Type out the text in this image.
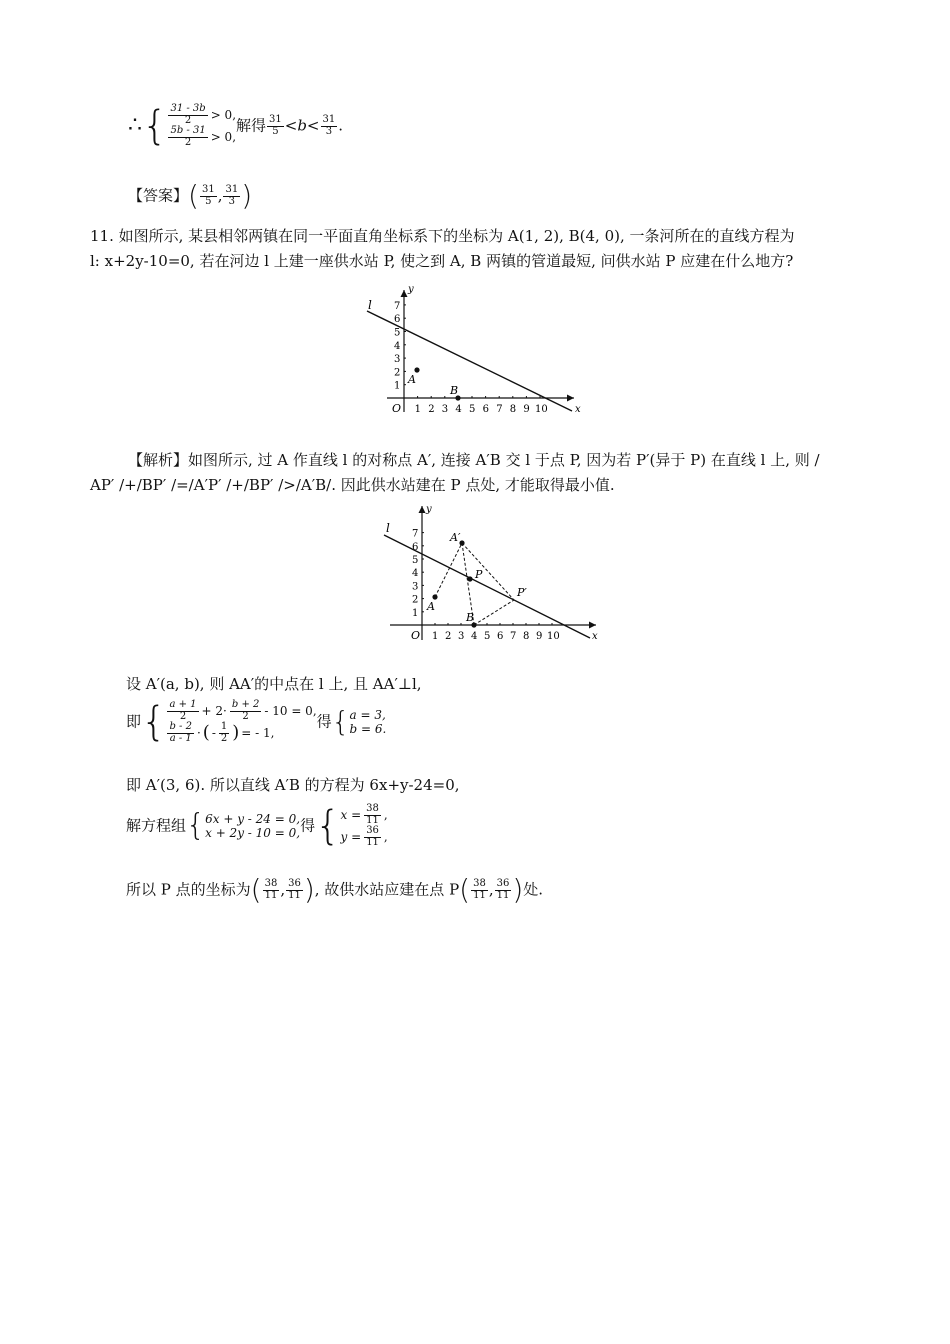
∴{ $\frac{31 - 3b}{2} > 0$,
$\frac{5b - 31}{2} > 0$,
解得 $\frac{31}{5} <b< \frac{31}{3}$ .
【答案】( $\frac{31}{5}$ , $\frac{31}{3}$ )
11. 如图所示, 某县相邻两镇在同一平面直角坐标系下的坐标为 A(1, 2), B(4, 0), 一条河所在的直线方程为
l: x+2y-10=0, 若在河边 l 上建一座供水站 P, 使之到 A, B 两镇的管道最短, 问供水站 P 应建在什么地方?
1 2 3 4 5 6 7 8 9 10
1
2
3
4
5
6
7
l
y
x
O
A
B
【解析】如图所示, 过 A 作直线 l 的对称点 A′, 连接 A′B 交 l 于点 P, 因为若 P′(异于 P) 在直线 l 上, 则 /
AP′ /+/BP′ /=/A′P′ /+/BP′ />/A′B/. 因此供水站建在 P 点处, 才能取得最小值.
1 2 3 4 5 6 7 8 9 10
1
2
3
4
5
6
7
l
y
x
O
A
B
A′
P
P′
设 A′(a, b), 则 AA′的中点在 l 上, 且 AA′⊥l,
即{ $\frac{a + 1}{2} + 2\cdot \frac{b + 2}{2} - 10 = 0$,
$\frac{b - 2}{a - 1}$ · ( - $\frac{1}{2}$ ) = - 1,
得{ a = 3,
b = 6.
即 A′(3, 6). 所以直线 A′B 的方程为 6x+y-24=0,
解方程组{ 6x + y - 24 = 0,
x + 2y - 10 = 0, 得{ $x = \frac{38}{11}$ ,
$y = \frac{36}{11}$ ,
所以 P 点的坐标为( $\frac{38}{11}$ , $\frac{36}{11}$ ), 故供水站应建在点 $P( \frac{38}{11}$ , $\frac{36}{11}$ )处.
